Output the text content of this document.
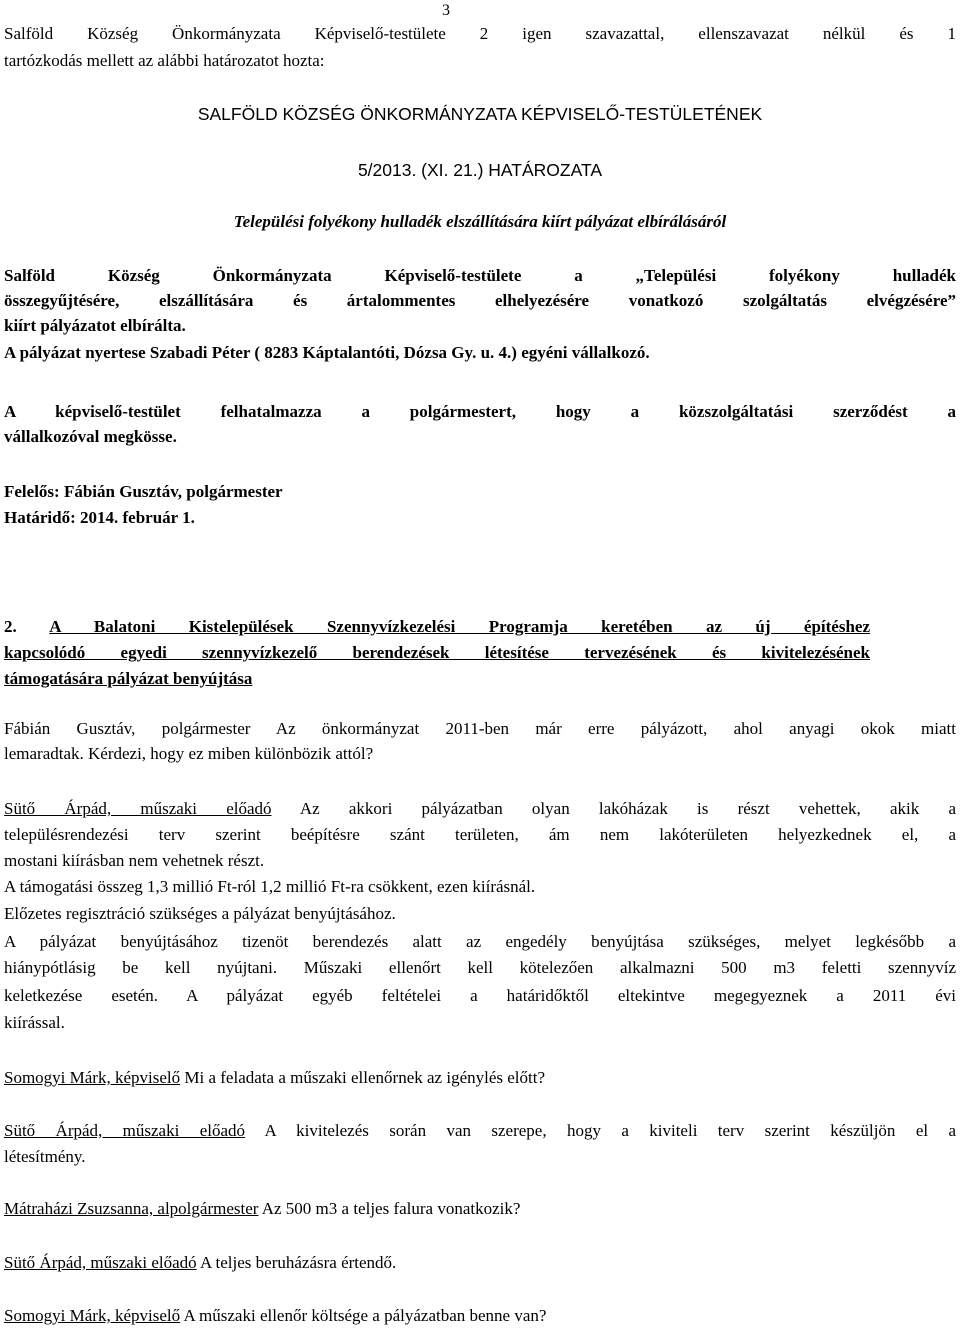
3
Salföld Község Önkormányzata Képviselő-testülete 2 igen szavazattal, ellenszavazat nélkül és 1
tartózkodás mellett az alábbi határozatot hozta:
SALFÖLD KÖZSÉG ÖNKORMÁNYZATA KÉPVISELŐ-TESTÜLETÉNEK
5/2013. (XI. 21.) HATÁROZATA
Települési folyékony hulladék elszállítására kiírt pályázat elbírálásáról
Salföld Község Önkormányzata Képviselő-testülete a „Települési folyékony hulladék
összegyűjtésére, elszállítására és ártalommentes elhelyezésére vonatkozó szolgáltatás elvégzésére”
kiírt pályázatot elbírálta.
A pályázat nyertese Szabadi Péter ( 8283 Káptalantóti, Dózsa Gy. u. 4.) egyéni vállalkozó.
A képviselő-testület felhatalmazza a polgármestert, hogy a közszolgáltatási szerződést a
vállalkozóval megkösse.
Felelős: Fábián Gusztáv, polgármester
Határidő: 2014. február 1.
2. A Balatoni Kistelepülések Szennyvízkezelési Programja keretében az új építéshez
kapcsolódó egyedi szennyvízkezelő berendezések létesítése tervezésének és kivitelezésének
támogatására pályázat benyújtása
Fábián Gusztáv, polgármester Az önkormányzat 2011-ben már erre pályázott, ahol anyagi okok miatt
lemaradtak. Kérdezi, hogy ez miben különbözik attól?
Sütő Árpád, műszaki előadó Az akkori pályázatban olyan lakóházak is részt vehettek, akik a
településrendezési terv szerint beépítésre szánt területen, ám nem lakóterületen helyezkednek el, a
mostani kiírásban nem vehetnek részt.
A támogatási összeg 1,3 millió Ft-ról 1,2 millió Ft-ra csökkent, ezen kiírásnál.
Előzetes regisztráció szükséges a pályázat benyújtásához.
A pályázat benyújtásához tizenöt berendezés alatt az engedély benyújtása szükséges, melyet legkésőbb a
hiánypótlásig be kell nyújtani. Műszaki ellenőrt kell kötelezően alkalmazni 500 m3 feletti szennyvíz
keletkezése esetén. A pályázat egyéb feltételei a határidőktől eltekintve megegyeznek a 2011 évi
kiírással.
Somogyi Márk, képviselő Mi a feladata a műszaki ellenőrnek az igénylés előtt?
Sütő Árpád, műszaki előadó A kivitelezés során van szerepe, hogy a kiviteli terv szerint készüljön el a
létesítmény.
Mátraházi Zsuzsanna, alpolgármester Az 500 m3 a teljes falura vonatkozik?
Sütő Árpád, műszaki előadó A teljes beruházásra értendő.
Somogyi Márk, képviselő A műszaki ellenőr költsége a pályázatban benne van?
